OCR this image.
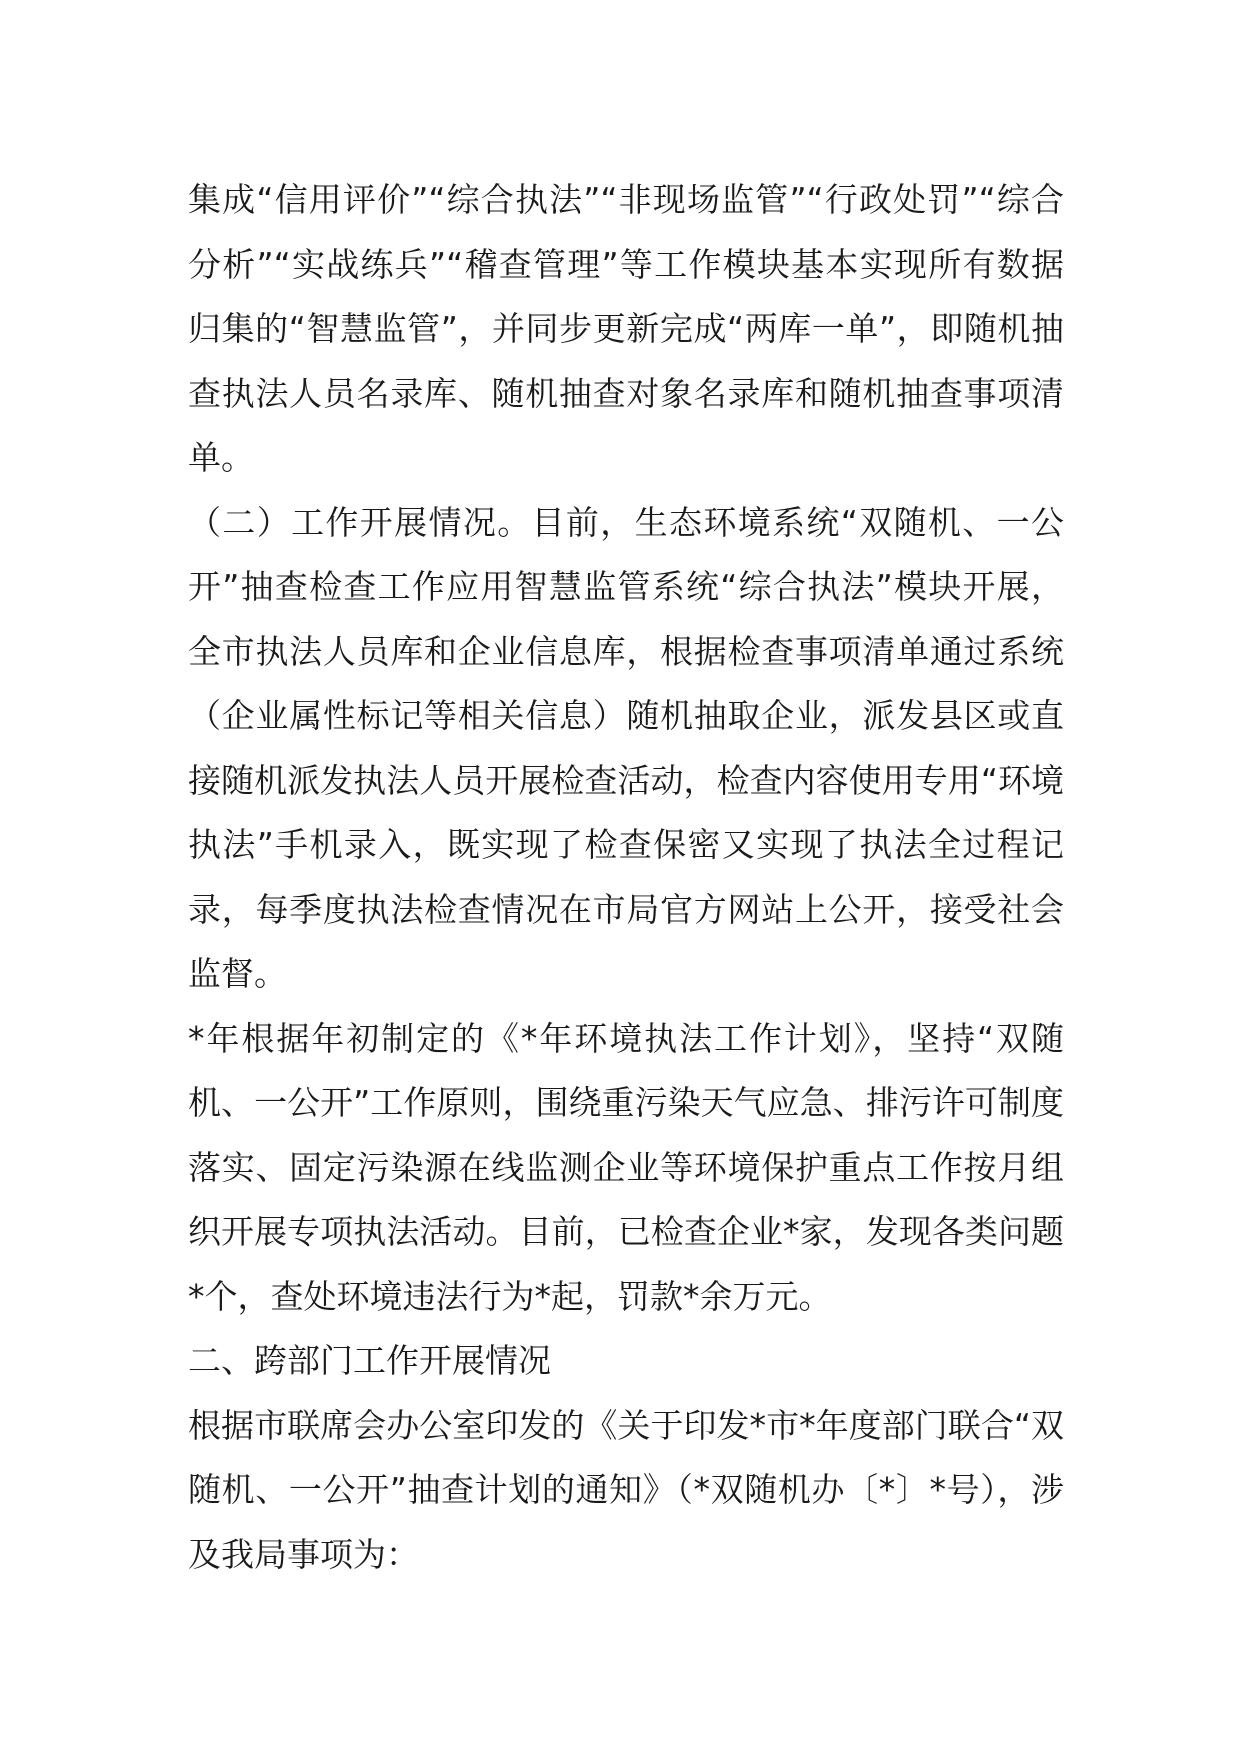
集成“信用评价”“综合执法”“非现场监管”“行政处罚”“综合分析”“实战练兵”“稽查管理”等工作模块基本实现所有数据归集的“智慧监管”，并同步更新完成“两库一单”，即随机抽查执法人员名录库、随机抽查对象名录库和随机抽查事项清单。

（二）工作开展情况。目前，生态环境系统“双随机、一公开”抽查检查工作应用智慧监管系统“综合执法”模块开展，全市执法人员库和企业信息库，根据检查事项清单通过系统（企业属性标记等相关信息）随机抽取企业，派发县区或直接随机派发执法人员开展检查活动，检查内容使用专用“环境执法”手机录入，既实现了检查保密又实现了执法全过程记录，每季度执法检查情况在市局官方网站上公开，接受社会监督。

*年根据年初制定的《*年环境执法工作计划》，坚持“双随机、一公开”工作原则，围绕重污染天气应急、排污许可制度落实、固定污染源在线监测企业等环境保护重点工作按月组织开展专项执法活动。目前，已检查企业*家，发现各类问题*个，查处环境违法行为*起，罚款*余万元。

二、跨部门工作开展情况

根据市联席会办公室印发的《关于印发*市*年度部门联合“双随机、一公开”抽查计划的通知》（*双随机办〔*〕*号），涉及我局事项为：
